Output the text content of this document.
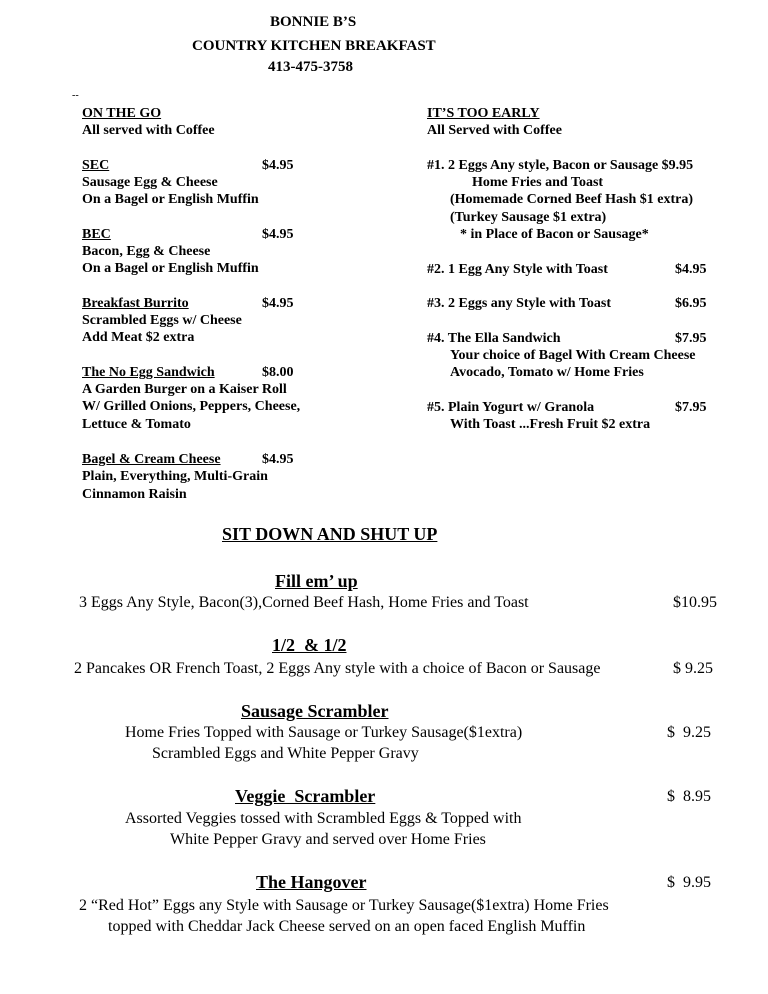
BONNIE B’S
COUNTRY KITCHEN BREAKFAST
413-475-3758
--
ON THE GO
All served with Coffee
SEC	$4.95
Sausage Egg & Cheese
On a Bagel or English Muffin
BEC	$4.95
Bacon, Egg & Cheese
On a Bagel or English Muffin
Breakfast Burrito	$4.95
Scrambled Eggs w/ Cheese
Add Meat $2 extra
The No Egg Sandwich	$8.00
A Garden Burger on a Kaiser Roll
W/ Grilled Onions, Peppers, Cheese,
Lettuce & Tomato
Bagel & Cream Cheese	$4.95
Plain, Everything, Multi-Grain
Cinnamon Raisin
IT’S TOO EARLY
All Served with Coffee
#1. 2 Eggs Any style, Bacon or Sausage $9.95
Home Fries and Toast
(Homemade Corned Beef Hash $1 extra)
(Turkey Sausage $1 extra)
* in Place of Bacon or Sausage*
#2. 1 Egg Any Style with Toast	$4.95
#3. 2 Eggs any Style with Toast	$6.95
#4. The Ella Sandwich	$7.95
Your choice of Bagel With Cream Cheese
Avocado, Tomato w/ Home Fries
#5. Plain Yogurt w/ Granola	$7.95
With Toast ...Fresh Fruit $2 extra
SIT DOWN AND SHUT UP
Fill em’ up
3 Eggs Any Style, Bacon(3),Corned Beef Hash, Home Fries and Toast	$10.95
1/2  & 1/2
2 Pancakes OR French Toast, 2 Eggs Any style with a choice of Bacon or Sausage	$ 9.25
Sausage Scrambler
Home Fries Topped with Sausage or Turkey Sausage($1extra)
Scrambled Eggs and White Pepper Gravy
$  9.25
Veggie  Scrambler
Assorted Veggies tossed with Scrambled Eggs & Topped with
White Pepper Gravy and served over Home Fries
$  8.95
The Hangover	$  9.95
2 “Red Hot” Eggs any Style with Sausage or Turkey Sausage($1extra) Home Fries
topped with Cheddar Jack Cheese served on an open faced English Muffin
